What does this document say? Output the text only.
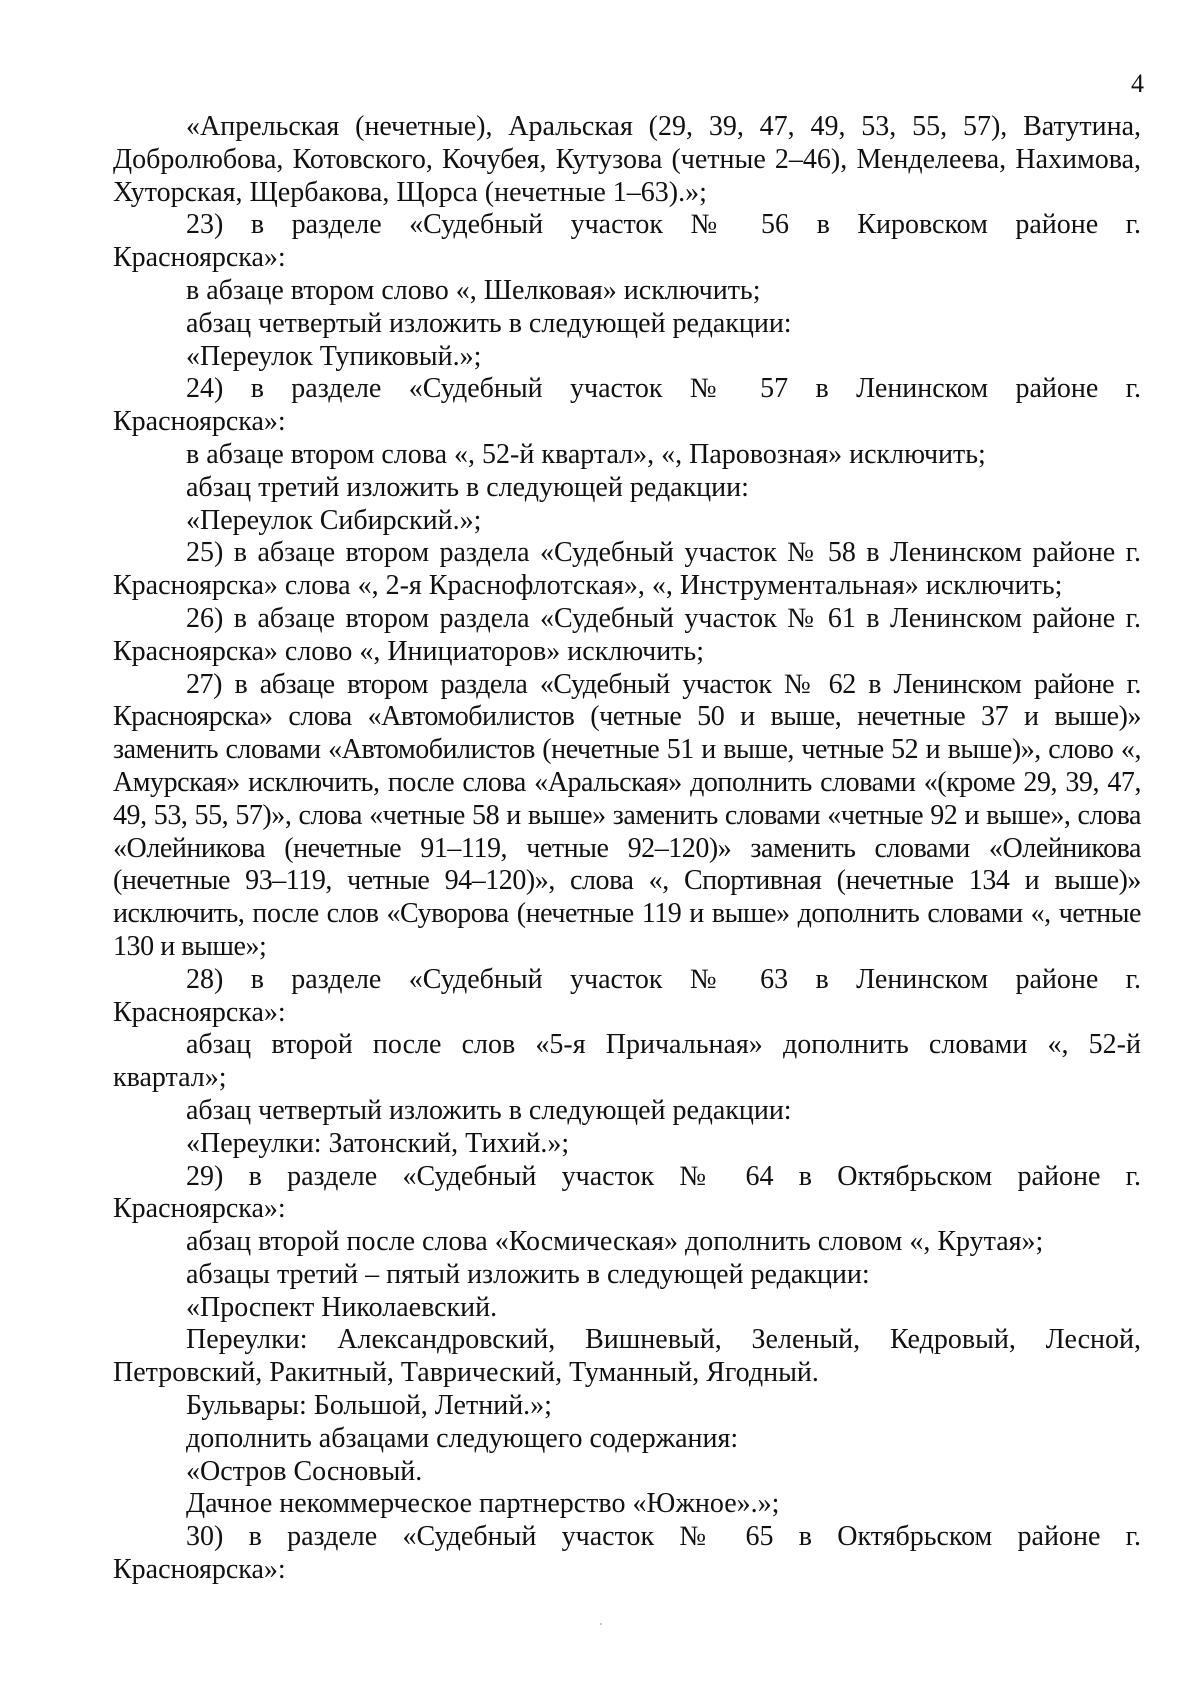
4

«Апрельская (нечетные), Аральская (29, 39, 47, 49, 53, 55, 57), Ватутина, Добролюбова, Котовского, Кочубея, Кутузова (четные 2–46), Менделеева, Нахимова, Хуторская, Щербакова, Щорса (нечетные 1–63).»;

23) в разделе «Судебный участок № 56 в Кировском районе г. Красноярска»:

в абзаце втором слово «, Шелковая» исключить;

абзац четвертый изложить в следующей редакции:

«Переулок Тупиковый.»;

24) в разделе «Судебный участок № 57 в Ленинском районе г. Красноярска»:

в абзаце втором слова «, 52-й квартал», «, Паровозная» исключить;

абзац третий изложить в следующей редакции:

«Переулок Сибирский.»;

25) в абзаце втором раздела «Судебный участок № 58 в Ленинском районе г. Красноярска» слова «, 2-я Краснофлотская», «, Инструментальная» исключить;

26) в абзаце втором раздела «Судебный участок № 61 в Ленинском районе г. Красноярска» слово «, Инициаторов» исключить;

27) в абзаце втором раздела «Судебный участок № 62 в Ленинском районе г. Красноярска» слова «Автомобилистов (четные 50 и выше, нечетные 37 и выше)» заменить словами «Автомобилистов (нечетные 51 и выше, четные 52 и выше)», слово «, Амурская» исключить, после слова «Аральская» дополнить словами «(кроме 29, 39, 47, 49, 53, 55, 57)», слова «четные 58 и выше» заменить словами «четные 92 и выше», слова «Олейникова (нечетные 91–119, четные 92–120)» заменить словами «Олейникова (нечетные 93–119, четные 94–120)», слова «, Спортивная (нечетные 134 и выше)» исключить, после слов «Суворова (нечетные 119 и выше» дополнить словами «, четные 130 и выше»;

28) в разделе «Судебный участок № 63 в Ленинском районе г. Красноярска»:

абзац второй после слов «5-я Причальная» дополнить словами «, 52-й квартал»;

абзац четвертый изложить в следующей редакции:

«Переулки: Затонский, Тихий.»;

29) в разделе «Судебный участок № 64 в Октябрьском районе г. Красноярска»:

абзац второй после слова «Космическая» дополнить словом «, Крутая»;

абзацы третий – пятый изложить в следующей редакции:

«Проспект Николаевский.

Переулки: Александровский, Вишневый, Зеленый, Кедровый, Лесной, Петровский, Ракитный, Таврический, Туманный, Ягодный.

Бульвары: Большой, Летний.»;

дополнить абзацами следующего содержания:

«Остров Сосновый.

Дачное некоммерческое партнерство «Южное».»;

30) в разделе «Судебный участок № 65 в Октябрьском районе г. Красноярска»:
